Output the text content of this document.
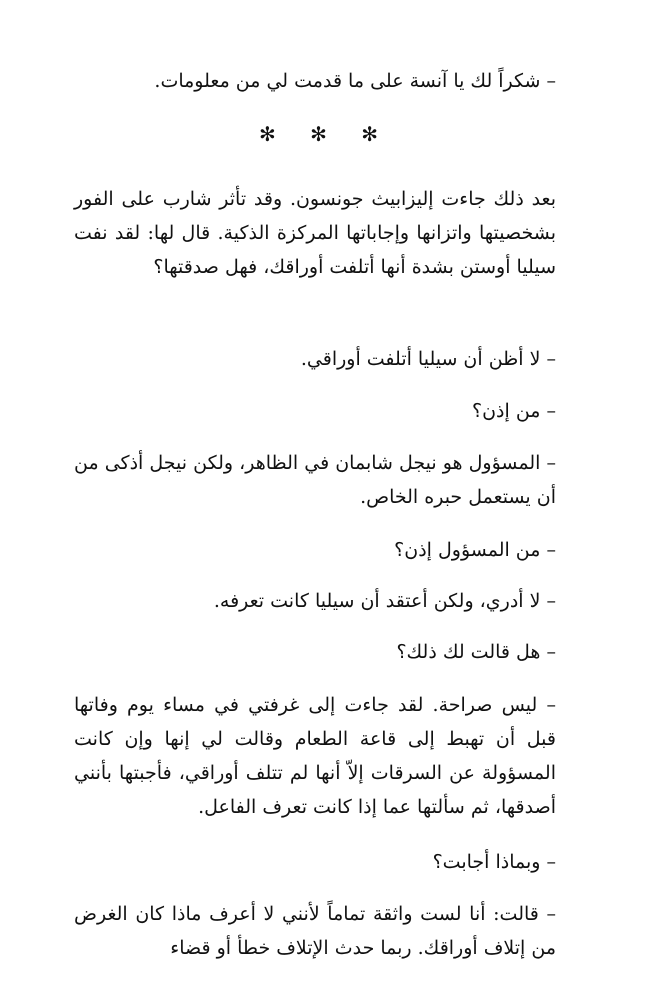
– شكراً لك يا آنسة على ما قدمت لي من معلومات.

✻ ✻ ✻

بعد ذلك جاءت إليزابيث جونسون. وقد تأثر شارب على الفور بشخصيتها واتزانها وإجاباتها المركزة الذكية. قال لها: لقد نفت سيليا أوستن بشدة أنها أتلفت أوراقك، فهل صدقتها؟

– لا أظن أن سيليا أتلفت أوراقي.

– من إذن؟

– المسؤول هو نيجل شابمان في الظاهر، ولكن نيجل أذكى من أن يستعمل حبره الخاص.

– من المسؤول إذن؟

– لا أدري، ولكن أعتقد أن سيليا كانت تعرفه.

– هل قالت لك ذلك؟

– ليس صراحة. لقد جاءت إلى غرفتي في مساء يوم وفاتها قبل أن تهبط إلى قاعة الطعام وقالت لي إنها وإن كانت المسؤولة عن السرقات إلاّ أنها لم تتلف أوراقي، فأجبتها بأنني أصدقها، ثم سألتها عما إذا كانت تعرف الفاعل.

– وبماذا أجابت؟

– قالت: أنا لست واثقة تماماً لأنني لا أعرف ماذا كان الغرض من إتلاف أوراقك. ربما حدث الإتلاف خطأ أو قضاء
